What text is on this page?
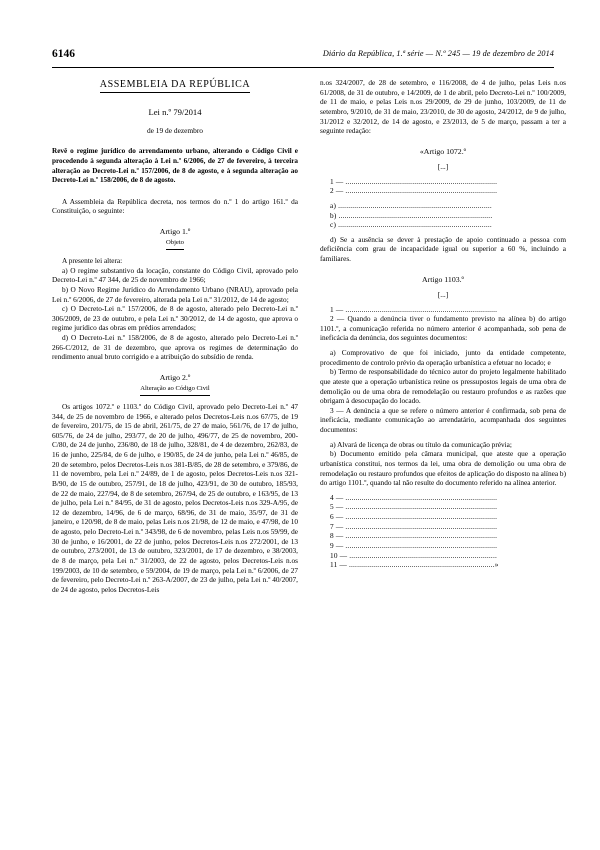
6146	Diário da República, 1.ª série — N.º 245 — 19 de dezembro de 2014
ASSEMBLEIA DA REPÚBLICA
Lei n.º 79/2014
de 19 de dezembro
Revê o regime jurídico do arrendamento urbano, alterando o Código Civil e procedendo à segunda alteração à Lei n.º 6/2006, de 27 de fevereiro, à terceira alteração ao Decreto-Lei n.º 157/2006, de 8 de agosto, e à segunda alteração ao Decreto-Lei n.º 158/2006, de 8 de agosto.

A Assembleia da República decreta, nos termos do n.º 1 do artigo 161.º da Constituição, o seguinte:

Artigo 1.º
Objeto

A presente lei altera:

a) O regime substantivo da locação, constante do Código Civil, aprovado pelo Decreto-Lei n.º 47 344, de 25 de novembro de 1966;

b) O Novo Regime Jurídico do Arrendamento Urbano (NRAU), aprovado pela Lei n.º 6/2006, de 27 de fevereiro, alterada pela Lei n.º 31/2012, de 14 de agosto;

c) O Decreto-Lei n.º 157/2006, de 8 de agosto, alterado pelo Decreto-Lei n.º 306/2009, de 23 de outubro, e pela Lei n.º 30/2012, de 14 de agosto, que aprova o regime jurídico das obras em prédios arrendados;

d) O Decreto-Lei n.º 158/2006, de 8 de agosto, alterado pelo Decreto-Lei n.º 266-C/2012, de 31 de dezembro, que aprova os regimes de determinação do rendimento anual bruto corrigido e a atribuição do subsídio de renda.

Artigo 2.º
Alteração ao Código Civil

Os artigos 1072.º e 1103.º do Código Civil, aprovado pelo Decreto-Lei n.º 47 344, de 25 de novembro de 1966, e alterado pelos Decretos-Leis n.os 67/75, de 19 de fevereiro, 201/75, de 15 de abril, 261/75, de 27 de maio, 561/76, de 17 de julho, 605/76, de 24 de julho, 293/77, de 20 de julho, 496/77, de 25 de novembro, 200-C/80, de 24 de junho, 236/80, de 18 de julho, 328/81, de 4 de dezembro, 262/83, de 16 de junho, 225/84, de 6 de julho, e 190/85, de 24 de junho, pela Lei n.º 46/85, de 20 de setembro, pelos Decretos-Leis n.os 381-B/85, de 28 de setembro, e 379/86, de 11 de novembro, pela Lei n.º 24/89, de 1 de agosto, pelos Decretos-Leis n.os 321-B/90, de 15 de outubro, 257/91, de 18 de julho, 423/91, de 30 de outubro, 185/93, de 22 de maio, 227/94, de 8 de setembro, 267/94, de 25 de outubro, e 163/95, de 13 de julho, pela Lei n.º 84/95, de 31 de agosto, pelos Decretos-Leis n.os 329-A/95, de 12 de dezembro, 14/96, de 6 de março, 68/96, de 31 de maio, 35/97, de 31 de janeiro, e 120/98, de 8 de maio, pelas Leis n.os 21/98, de 12 de maio, e 47/98, de 10 de agosto, pelo Decreto-Lei n.º 343/98, de 6 de novembro, pelas Leis n.os 59/99, de 30 de junho, e 16/2001, de 22 de junho, pelos Decretos-Leis n.os 272/2001, de 13 de outubro, 273/2001, de 13 de outubro, 323/2001, de 17 de dezembro, e 38/2003, de 8 de março, pela Lei n.º 31/2003, de 22 de agosto, pelos Decretos-Leis n.os 199/2003, de 10 de setembro, e 59/2004, de 19 de março, pela Lei n.º 6/2006, de 27 de fevereiro, pelo Decreto-Lei n.º 263-A/2007, de 23 de julho, pela Lei n.º 40/2007, de 24 de agosto, pelos Decretos-Leis

n.os 324/2007, de 28 de setembro, e 116/2008, de 4 de julho, pelas Leis n.os 61/2008, de 31 de outubro, e 14/2009, de 1 de abril, pelo Decreto-Lei n.º 100/2009, de 11 de maio, e pelas Leis n.os 29/2009, de 29 de junho, 103/2009, de 11 de setembro, 9/2010, de 31 de maio, 23/2010, de 30 de agosto, 24/2012, de 9 de julho, 31/2012 e 32/2012, de 14 de agosto, e 23/2013, de 5 de março, passam a ter a seguinte redação:

«Artigo 1072.º
[...]

1 — ...........................................................................

2 — ...........................................................................

a) ............................................................................

b) ............................................................................

c) ............................................................................

d) Se a ausência se dever à prestação de apoio continuado a pessoa com deficiência com grau de incapacidade igual ou superior a 60 %, incluindo a familiares.

Artigo 1103.º
[...]

1 — ...........................................................................

2 — Quando a denúncia tiver o fundamento previsto na alínea b) do artigo 1101.º, a comunicação referida no número anterior é acompanhada, sob pena de ineficácia da denúncia, dos seguintes documentos:

a) Comprovativo de que foi iniciado, junto da entidade competente, procedimento de controlo prévio da operação urbanística a efetuar no locado; e

b) Termo de responsabilidade do técnico autor do projeto legalmente habilitado que ateste que a operação urbanística reúne os pressupostos legais de uma obra de demolição ou de uma obra de remodelação ou restauro profundos e as razões que obrigam à desocupação do locado.

3 — A denúncia a que se refere o número anterior é confirmada, sob pena de ineficácia, mediante comunicação ao arrendatário, acompanhada dos seguintes documentos:

a) Alvará de licença de obras ou título da comunicação prévia;

b) Documento emitido pela câmara municipal, que ateste que a operação urbanística constitui, nos termos da lei, uma obra de demolição ou uma obra de remodelação ou restauro profundos que efeitos de aplicação do disposto na alínea b) do artigo 1101.º, quando tal não resulte do documento referido na alínea anterior.

4 — ...........................................................................

5 — ...........................................................................

6 — ...........................................................................

7 — ...........................................................................

8 — ...........................................................................

9 — ...........................................................................

10 — .........................................................................

11 — ........................................................................»
